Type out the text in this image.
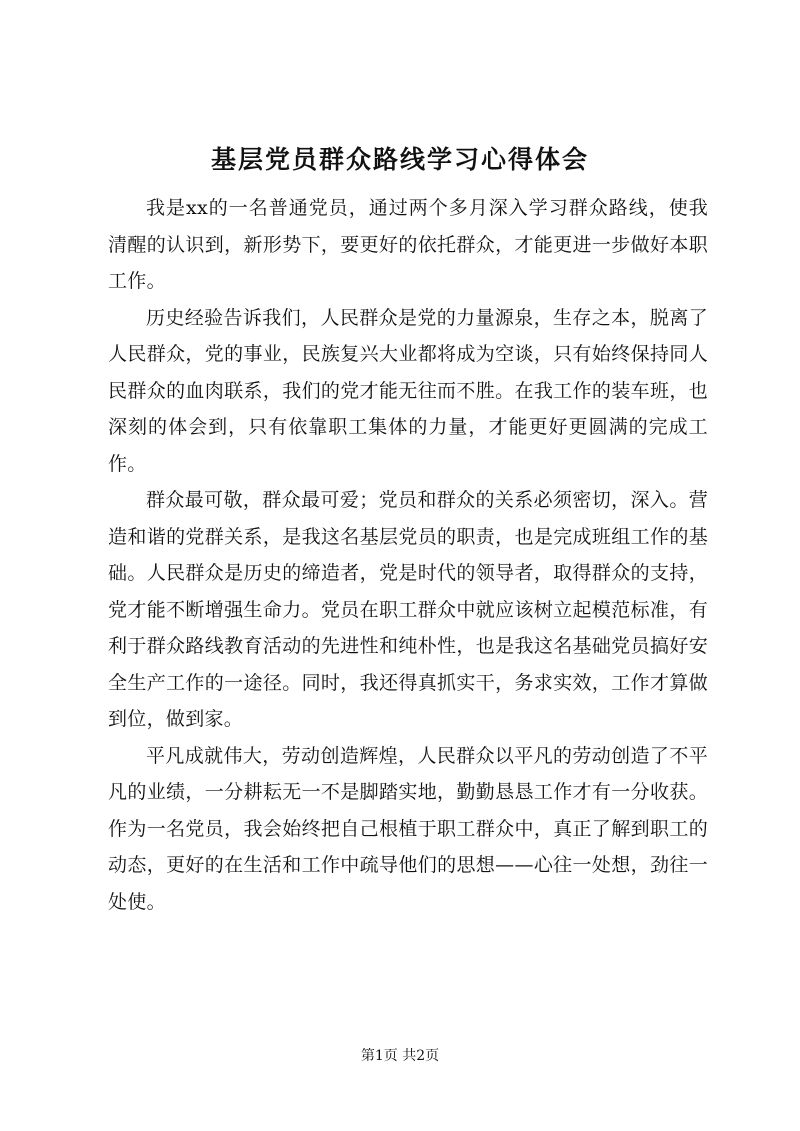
基层党员群众路线学习心得体会

我是xx的一名普通党员，通过两个多月深入学习群众路线，使我清醒的认识到，新形势下，要更好的依托群众，才能更进一步做好本职工作。

历史经验告诉我们，人民群众是党的力量源泉，生存之本，脱离了人民群众，党的事业，民族复兴大业都将成为空谈，只有始终保持同人民群众的血肉联系，我们的党才能无往而不胜。在我工作的装车班，也深刻的体会到，只有依靠职工集体的力量，才能更好更圆满的完成工作。

群众最可敬，群众最可爱；党员和群众的关系必须密切，深入。营造和谐的党群关系，是我这名基层党员的职责，也是完成班组工作的基础。人民群众是历史的缔造者，党是时代的领导者，取得群众的支持，党才能不断增强生命力。党员在职工群众中就应该树立起模范标准，有利于群众路线教育活动的先进性和纯朴性，也是我这名基础党员搞好安全生产工作的一途径。同时，我还得真抓实干，务求实效，工作才算做到位，做到家。

平凡成就伟大，劳动创造辉煌，人民群众以平凡的劳动创造了不平凡的业绩，一分耕耘无一不是脚踏实地，勤勤恳恳工作才有一分收获。作为一名党员，我会始终把自己根植于职工群众中，真正了解到职工的动态，更好的在生活和工作中疏导他们的思想——心往一处想，劲往一处使。

第1页 共2页
